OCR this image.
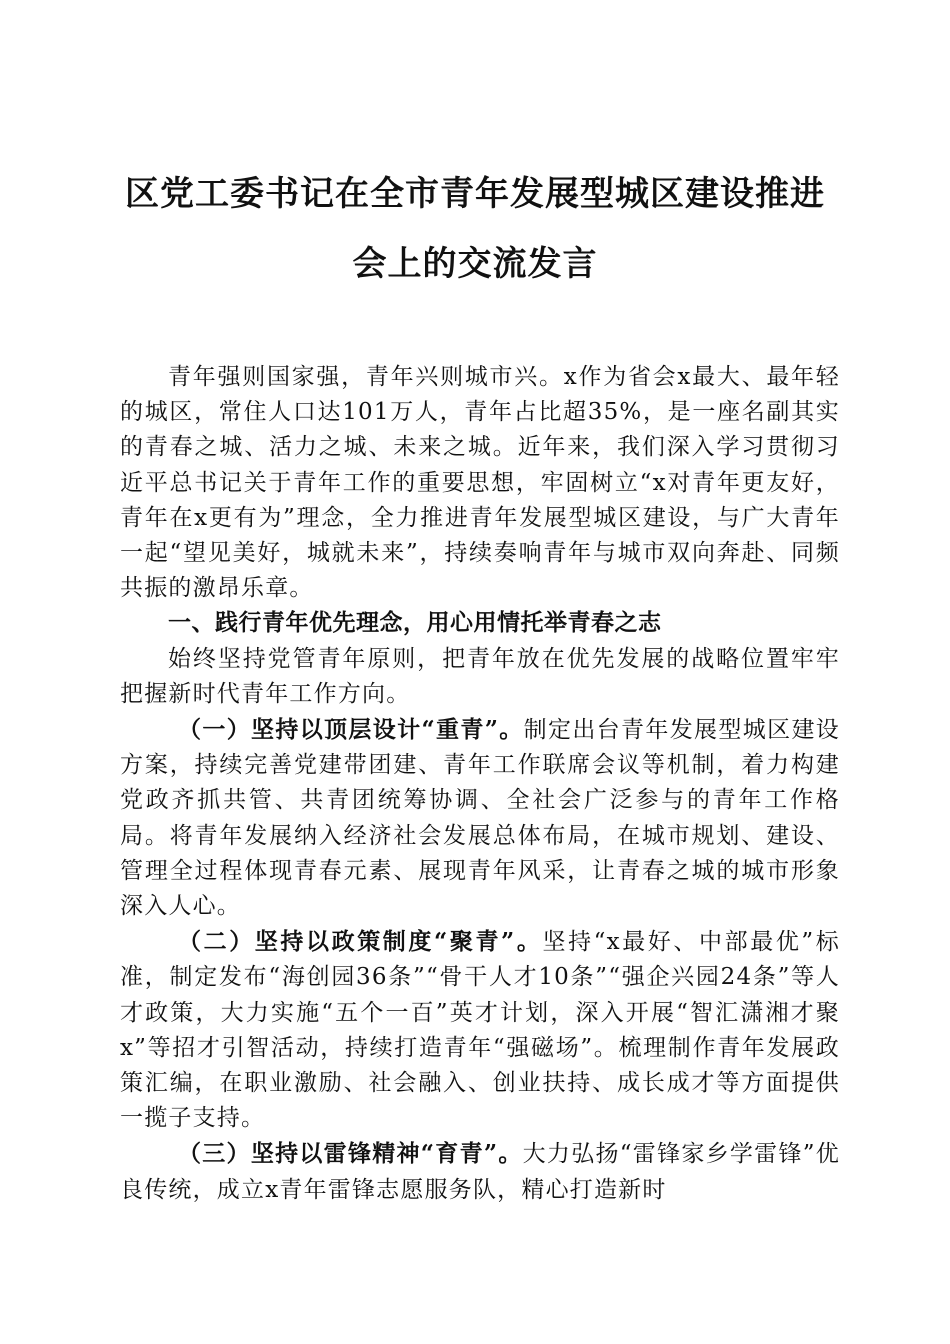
区党工委书记在全市青年发展型城区建设推进
会上的交流发言

青年强则国家强，青年兴则城市兴。x作为省会x最大、最年轻的城区，常住人口达101万人，青年占比超35%，是一座名副其实的青春之城、活力之城、未来之城。近年来，我们深入学习贯彻习近平总书记关于青年工作的重要思想，牢固树立“x对青年更友好，青年在x更有为”理念，全力推进青年发展型城区建设，与广大青年一起“望见美好，城就未来”，持续奏响青年与城市双向奔赴、同频共振的激昂乐章。

一、践行青年优先理念，用心用情托举青春之志

始终坚持党管青年原则，把青年放在优先发展的战略位置牢牢把握新时代青年工作方向。

（一）坚持以顶层设计“重青”。制定出台青年发展型城区建设方案，持续完善党建带团建、青年工作联席会议等机制，着力构建党政齐抓共管、共青团统筹协调、全社会广泛参与的青年工作格局。将青年发展纳入经济社会发展总体布局，在城市规划、建设、管理全过程体现青春元素、展现青年风采，让青春之城的城市形象深入人心。

（二）坚持以政策制度“聚青”。坚持“x最好、中部最优”标准，制定发布“海创园36条”“骨干人才10条”“强企兴园24条”等人才政策，大力实施“五个一百”英才计划，深入开展“智汇潇湘才聚x”等招才引智活动，持续打造青年“强磁场”。梳理制作青年发展政策汇编，在职业激励、社会融入、创业扶持、成长成才等方面提供一揽子支持。

（三）坚持以雷锋精神“育青”。大力弘扬“雷锋家乡学雷锋”优良传统，成立x青年雷锋志愿服务队，精心打造新时
